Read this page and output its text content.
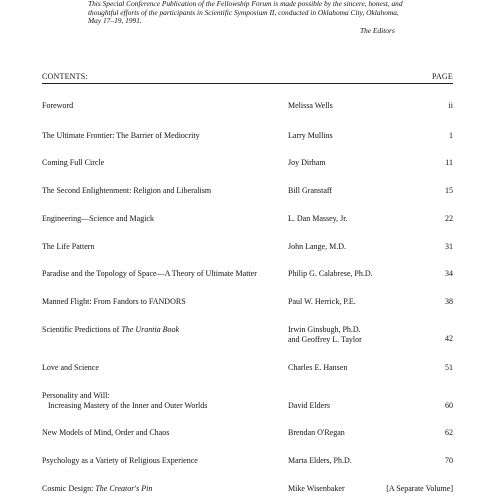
This Special Conference Publication of the Fellowship Forum is made possible by the sincere, honest, and thoughtful efforts of the participants in Scientific Symposium II, conducted in Oklahoma City, Oklahoma, May 17–19, 1991.
The Editors
CONTENTS:	PAGE
Foreword	Melissa Wells	ii
The Ultimate Frontier: The Barrier of Mediocrity	Larry Mullins	1
Coming Full Circle	Joy Dirham	11
The Second Enlightenment: Religion and Liberalism	Bill Granstaff	15
Engineering—Science and Magick	L. Dan Massey, Jr.	22
The Life Pattern	John Lange, M.D.	31
Paradise and the Topology of Space—A Theory of Ultimate Matter	Philip G. Calabrese, Ph.D.	34
Manned Flight: From Fandors to FANDORS	Paul W. Herrick, P.E.	38
Scientific Predictions of The Urantia Book	Irwin Ginsbugh, Ph.D.
and Geoffrey L. Taylor	42
Love and Science	Charles E. Hansen	51
Personality and Will:
Increasing Mastery of the Inner and Outer Worlds	David Elders	60
New Models of Mind, Order and Chaos	Brendan O'Regan	62
Psychology as a Variety of Religious Experience	Marta Elders, Ph.D.	70
Cosmic Design: The Creator's Pin	Mike Wisenbaker	[A Separate Volume]
